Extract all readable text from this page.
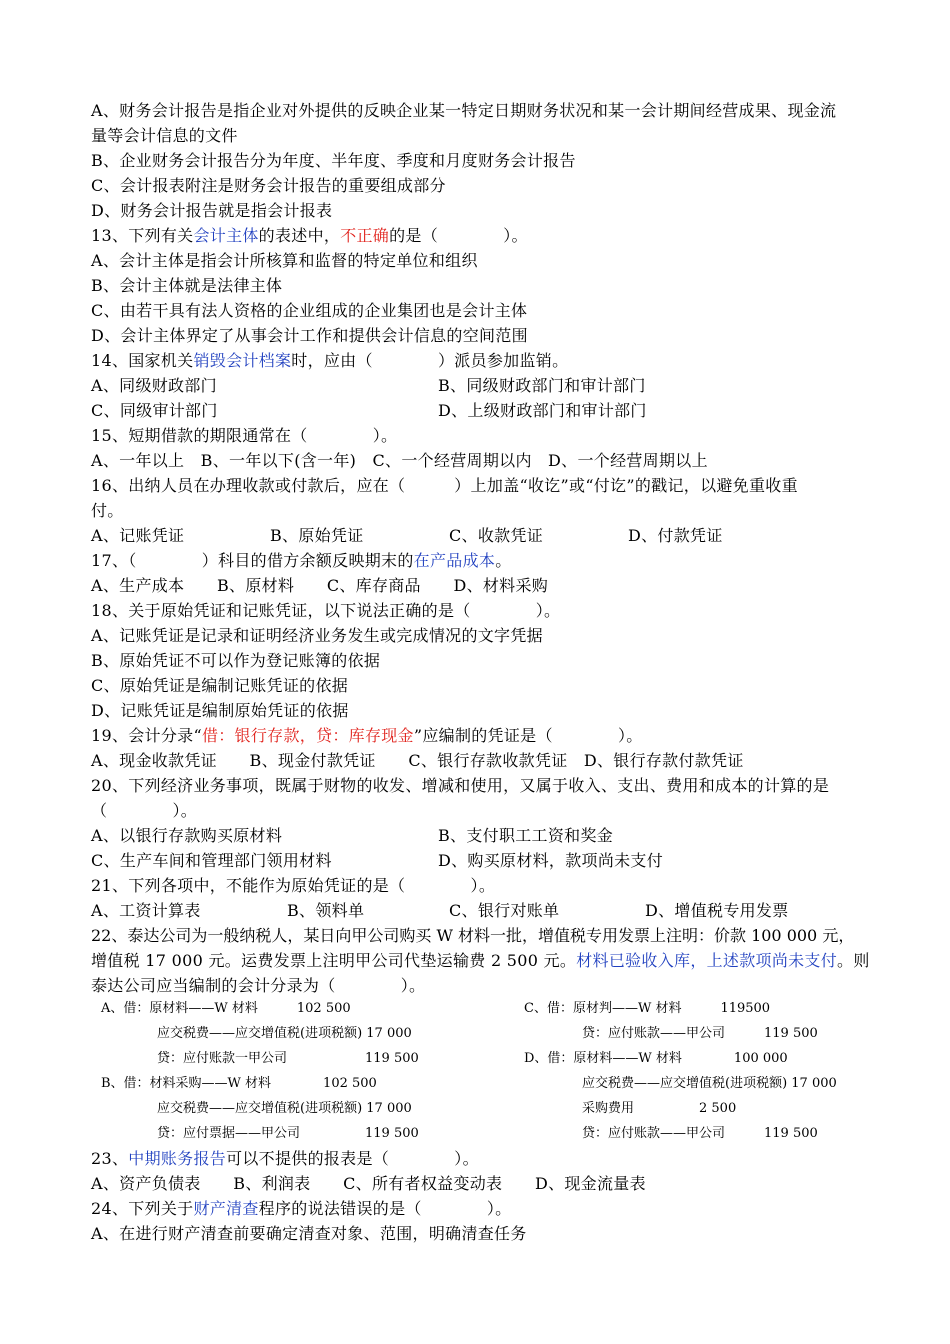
A、财务会计报告是指企业对外提供的反映企业某一特定日期财务状况和某一会计期间经营成果、现金流
量等会计信息的文件
B、企业财务会计报告分为年度、半年度、季度和月度财务会计报告
C、会计报表附注是财务会计报告的重要组成部分
D、财务会计报告就是指会计报表
13、下列有关会计主体的表述中，不正确的是（　　　　）。
A、会计主体是指会计所核算和监督的特定单位和组织
B、会计主体就是法律主体
C、由若干具有法人资格的企业组成的企业集团也是会计主体
D、会计主体界定了从事会计工作和提供会计信息的空间范围
14、国家机关销毁会计档案时，应由（　　　　）派员参加监销。
A、同级财政部门	B、同级财政部门和审计部门
C、同级审计部门	D、上级财政部门和审计部门
15、短期借款的期限通常在（　　　　）。
A、一年以上　B、一年以下(含一年)　C、一个经营周期以内　D、一个经营周期以上
16、出纳人员在办理收款或付款后，应在（　　　）上加盖“收讫”或“付讫”的戳记，以避免重收重
付。
A、记账凭证	B、原始凭证	C、收款凭证	D、付款凭证
17、（　　　　）科目的借方余额反映期末的在产品成本。
A、生产成本　　B、原材料　　C、库存商品　　D、材料采购
18、关于原始凭证和记账凭证，以下说法正确的是（　　　　）。
A、记账凭证是记录和证明经济业务发生或完成情况的文字凭据
B、原始凭证不可以作为登记账簿的依据
C、原始凭证是编制记账凭证的依据
D、记账凭证是编制原始凭证的依据
19、会计分录“借：银行存款，贷：库存现金”应编制的凭证是（　　　　）。
A、现金收款凭证　　B、现金付款凭证　　C、银行存款收款凭证　D、银行存款付款凭证
20、下列经济业务事项，既属于财物的收发、增减和使用，又属于收入、支出、费用和成本的计算的是
（　　　　）。
A、以银行存款购买原材料	B、支付职工工资和奖金
C、生产车间和管理部门领用材料	D、购买原材料，款项尚未支付
21、下列各项中，不能作为原始凭证的是（　　　　）。
A、工资计算表	B、领料单	C、银行对账单	D、增值税专用发票
22、泰达公司为一般纳税人，某日向甲公司购买 W 材料一批，增值税专用发票上注明：价款 100 000 元，
增值税 17 000 元。运费发票上注明甲公司代垫运输费 2 500 元。材料已验收入库，上述款项尚未支付。则
泰达公司应当编制的会计分录为（　　　　）。
A、借：原材料——W 材料　　　102 500
应交税费——应交增值税(进项税额) 17 000
贷：应付账款一甲公司　　　　　　119 500
B、借：材料采购——W 材料　　　　102 500
应交税费——应交增值税(进项税额) 17 000
贷：应付票据——甲公司　　　　　119 500
C、借：原材判——W 材料　　　119500
贷：应付账款——甲公司　　　119 500
D、借：原材料——W 材料　　　　100 000
应交税费——应交增值税(进项税额) 17 000
采购费用　　　　　2 500
贷：应付账款——甲公司　　　119 500
23、中期账务报告可以不提供的报表是（　　　　）。
A、资产负债表　　B、利润表　　C、所有者权益变动表　　D、现金流量表
24、下列关于财产清查程序的说法错误的是（　　　　）。
A、在进行财产清查前要确定清查对象、范围，明确清查任务
